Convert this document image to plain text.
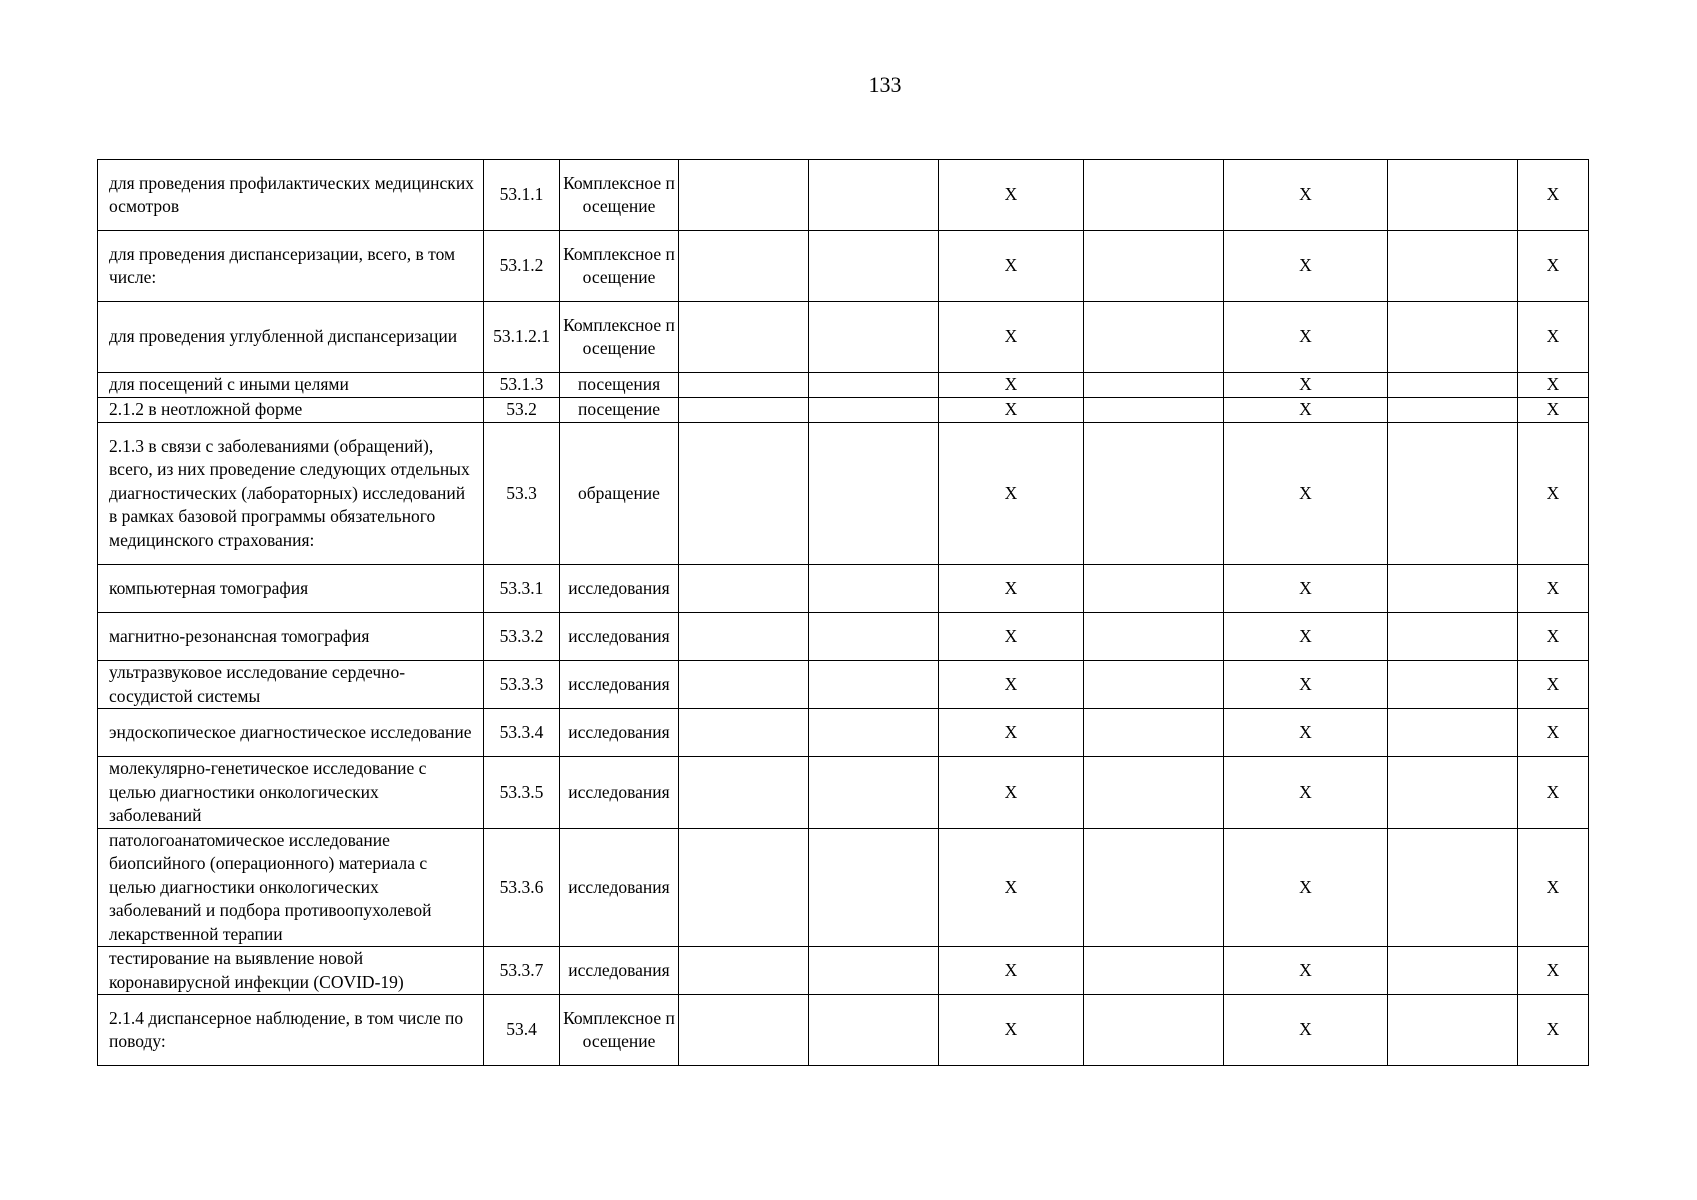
133
для проведения профилактических медицинских осмотров	53.1.1	Комплексное посещение			X		X		X
для проведения диспансеризации, всего, в том числе:	53.1.2	Комплексное посещение			X		X		X
для проведения углубленной диспансеризации	53.1.2.1	Комплексное посещение			X		X		X
для посещений с иными целями	53.1.3	посещения			X		X		X
2.1.2 в неотложной форме	53.2	посещение			X		X		X
2.1.3 в связи с заболеваниями (обращений), всего, из них проведение следующих отдельных диагностических (лабораторных) исследований в рамках базовой программы обязательного медицинского страхования:	53.3	обращение			X		X		X
компьютерная томография	53.3.1	исследования			X		X		X
магнитно-резонансная томография	53.3.2	исследования			X		X		X
ультразвуковое исследование сердечно-сосудистой системы	53.3.3	исследования			X		X		X
эндоскопическое диагностическое исследование	53.3.4	исследования			X		X		X
молекулярно-генетическое исследование с целью диагностики онкологических заболеваний	53.3.5	исследования			X		X		X
патологоанатомическое исследование биопсийного (операционного) материала с целью диагностики онкологических заболеваний и подбора противоопухолевой лекарственной терапии	53.3.6	исследования			X		X		X
тестирование на выявление новой коронавирусной инфекции (COVID-19)	53.3.7	исследования			X		X		X
2.1.4 диспансерное наблюдение, в том числе по поводу:	53.4	Комплексное посещение			X		X		X
